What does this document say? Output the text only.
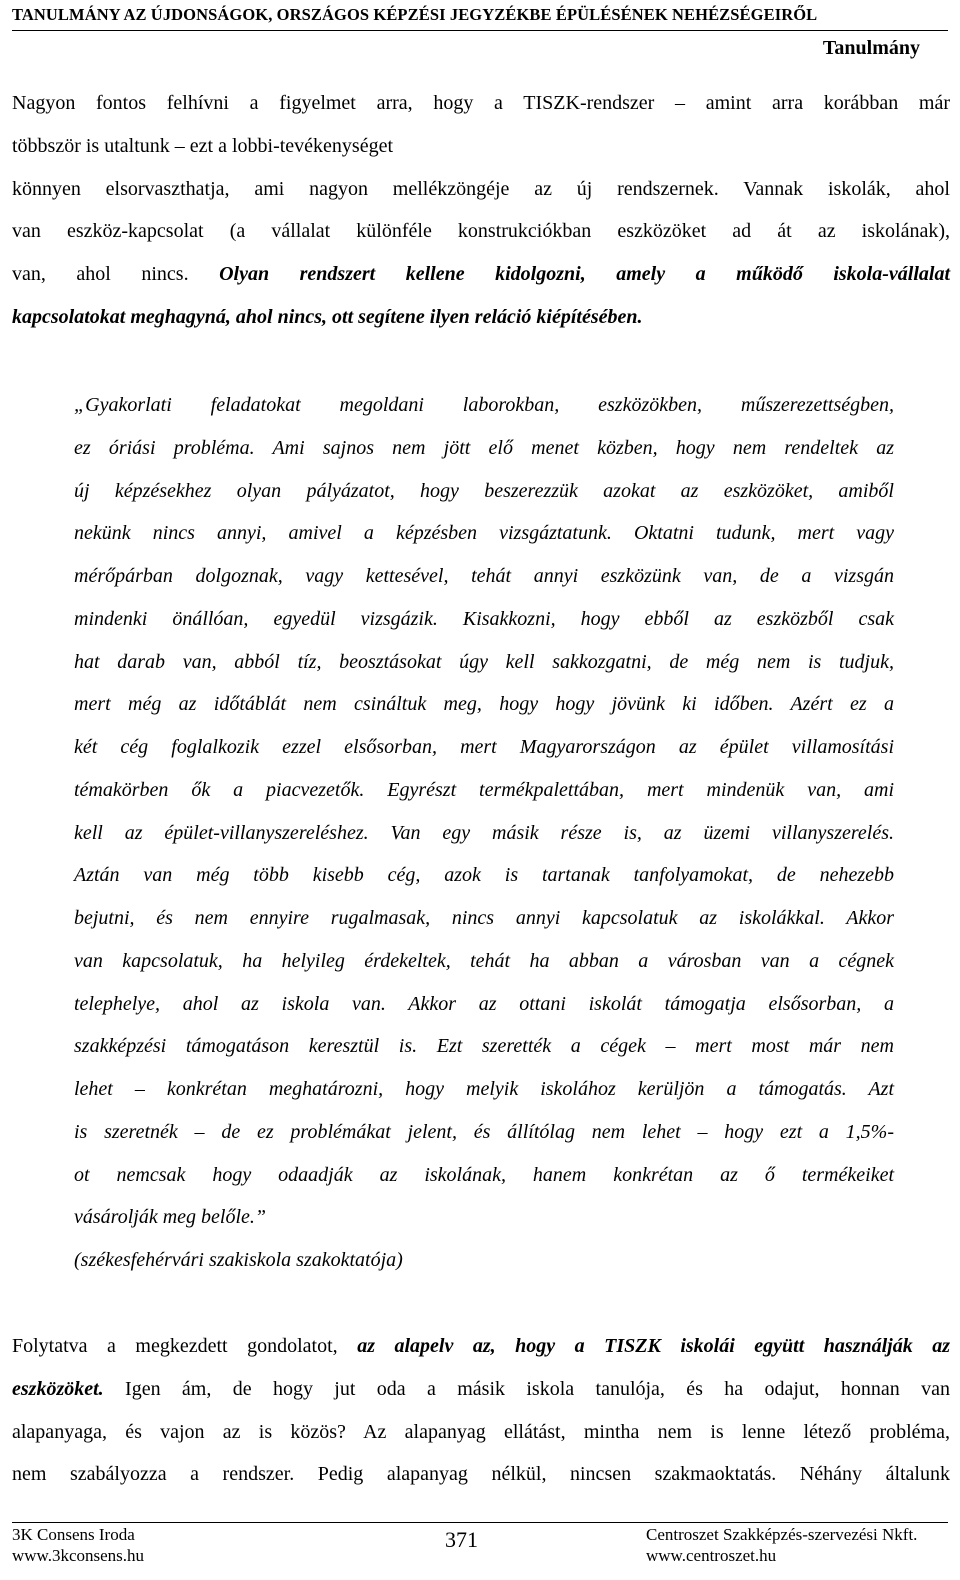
TANULMÁNY AZ ÚJDONSÁGOK, ORSZÁGOS KÉPZÉSI JEGYZÉKBE ÉPÜLÉSÉNEK NEHÉZSÉGEIRŐL
Tanulmány
Nagyon fontos felhívni a figyelmet arra, hogy a TISZK-rendszer – amint arra korábban már
többször is utaltunk – ezt a lobbi-tevékenységet
könnyen elsorvaszthatja, ami nagyon mellékzöngéje az új rendszernek. Vannak iskolák, ahol
van eszköz-kapcsolat (a vállalat különféle konstrukciókban eszközöket ad át az iskolának),
van, ahol nincs. Olyan rendszert kellene kidolgozni, amely a működő iskola-vállalat
kapcsolatokat meghagyná, ahol nincs, ott segítene ilyen reláció kiépítésében.
„Gyakorlati feladatokat megoldani laborokban, eszközökben, műszerezettségben,
ez óriási probléma. Ami sajnos nem jött elő menet közben, hogy nem rendeltek az
új képzésekhez olyan pályázatot, hogy beszerezzük azokat az eszközöket, amiből
nekünk nincs annyi, amivel a képzésben vizsgáztatunk. Oktatni tudunk, mert vagy
mérőpárban dolgoznak, vagy kettesével, tehát annyi eszközünk van, de a vizsgán
mindenki önállóan, egyedül vizsgázik. Kisakkozni, hogy ebből az eszközből csak
hat darab van, abból tíz, beosztásokat úgy kell sakkozgatni, de még nem is tudjuk,
mert még az időtáblát nem csináltuk meg, hogy hogy jövünk ki időben. Azért ez a
két cég foglalkozik ezzel elsősorban, mert Magyarországon az épület villamosítási
témakörben ők a piacvezetők. Egyrészt termékpalettában, mert mindenük van, ami
kell az épület-villanyszereléshez. Van egy másik része is, az üzemi villanyszerelés.
Aztán van még több kisebb cég, azok is tartanak tanfolyamokat, de nehezebb
bejutni, és nem ennyire rugalmasak, nincs annyi kapcsolatuk az iskolákkal. Akkor
van kapcsolatuk, ha helyileg érdekeltek, tehát ha abban a városban van a cégnek
telephelye, ahol az iskola van. Akkor az ottani iskolát támogatja elsősorban, a
szakképzési támogatáson keresztül is. Ezt szerették a cégek – mert most már nem
lehet – konkrétan meghatározni, hogy melyik iskolához kerüljön a támogatás. Azt
is szeretnék – de ez problémákat jelent, és állítólag nem lehet – hogy ezt a 1,5%-
ot nemcsak hogy odaadják az iskolának, hanem konkrétan az ő termékeiket
vásárolják meg belőle.”
(székesfehérvári szakiskola szakoktatója)
Folytatva a megkezdett gondolatot, az alapelv az, hogy a TISZK iskolái együtt használják az
eszközöket. Igen ám, de hogy jut oda a másik iskola tanulója, és ha odajut, honnan van
alapanyaga, és vajon az is közös? Az alapanyag ellátást, mintha nem is lenne létező probléma,
nem szabályozza a rendszer. Pedig alapanyag nélkül, nincsen szakmaoktatás. Néhány általunk
3K Consens Iroda
www.3kconsens.hu
371	Centroszet Szakképzés-szervezési Nkft.
www.centroszet.hu
